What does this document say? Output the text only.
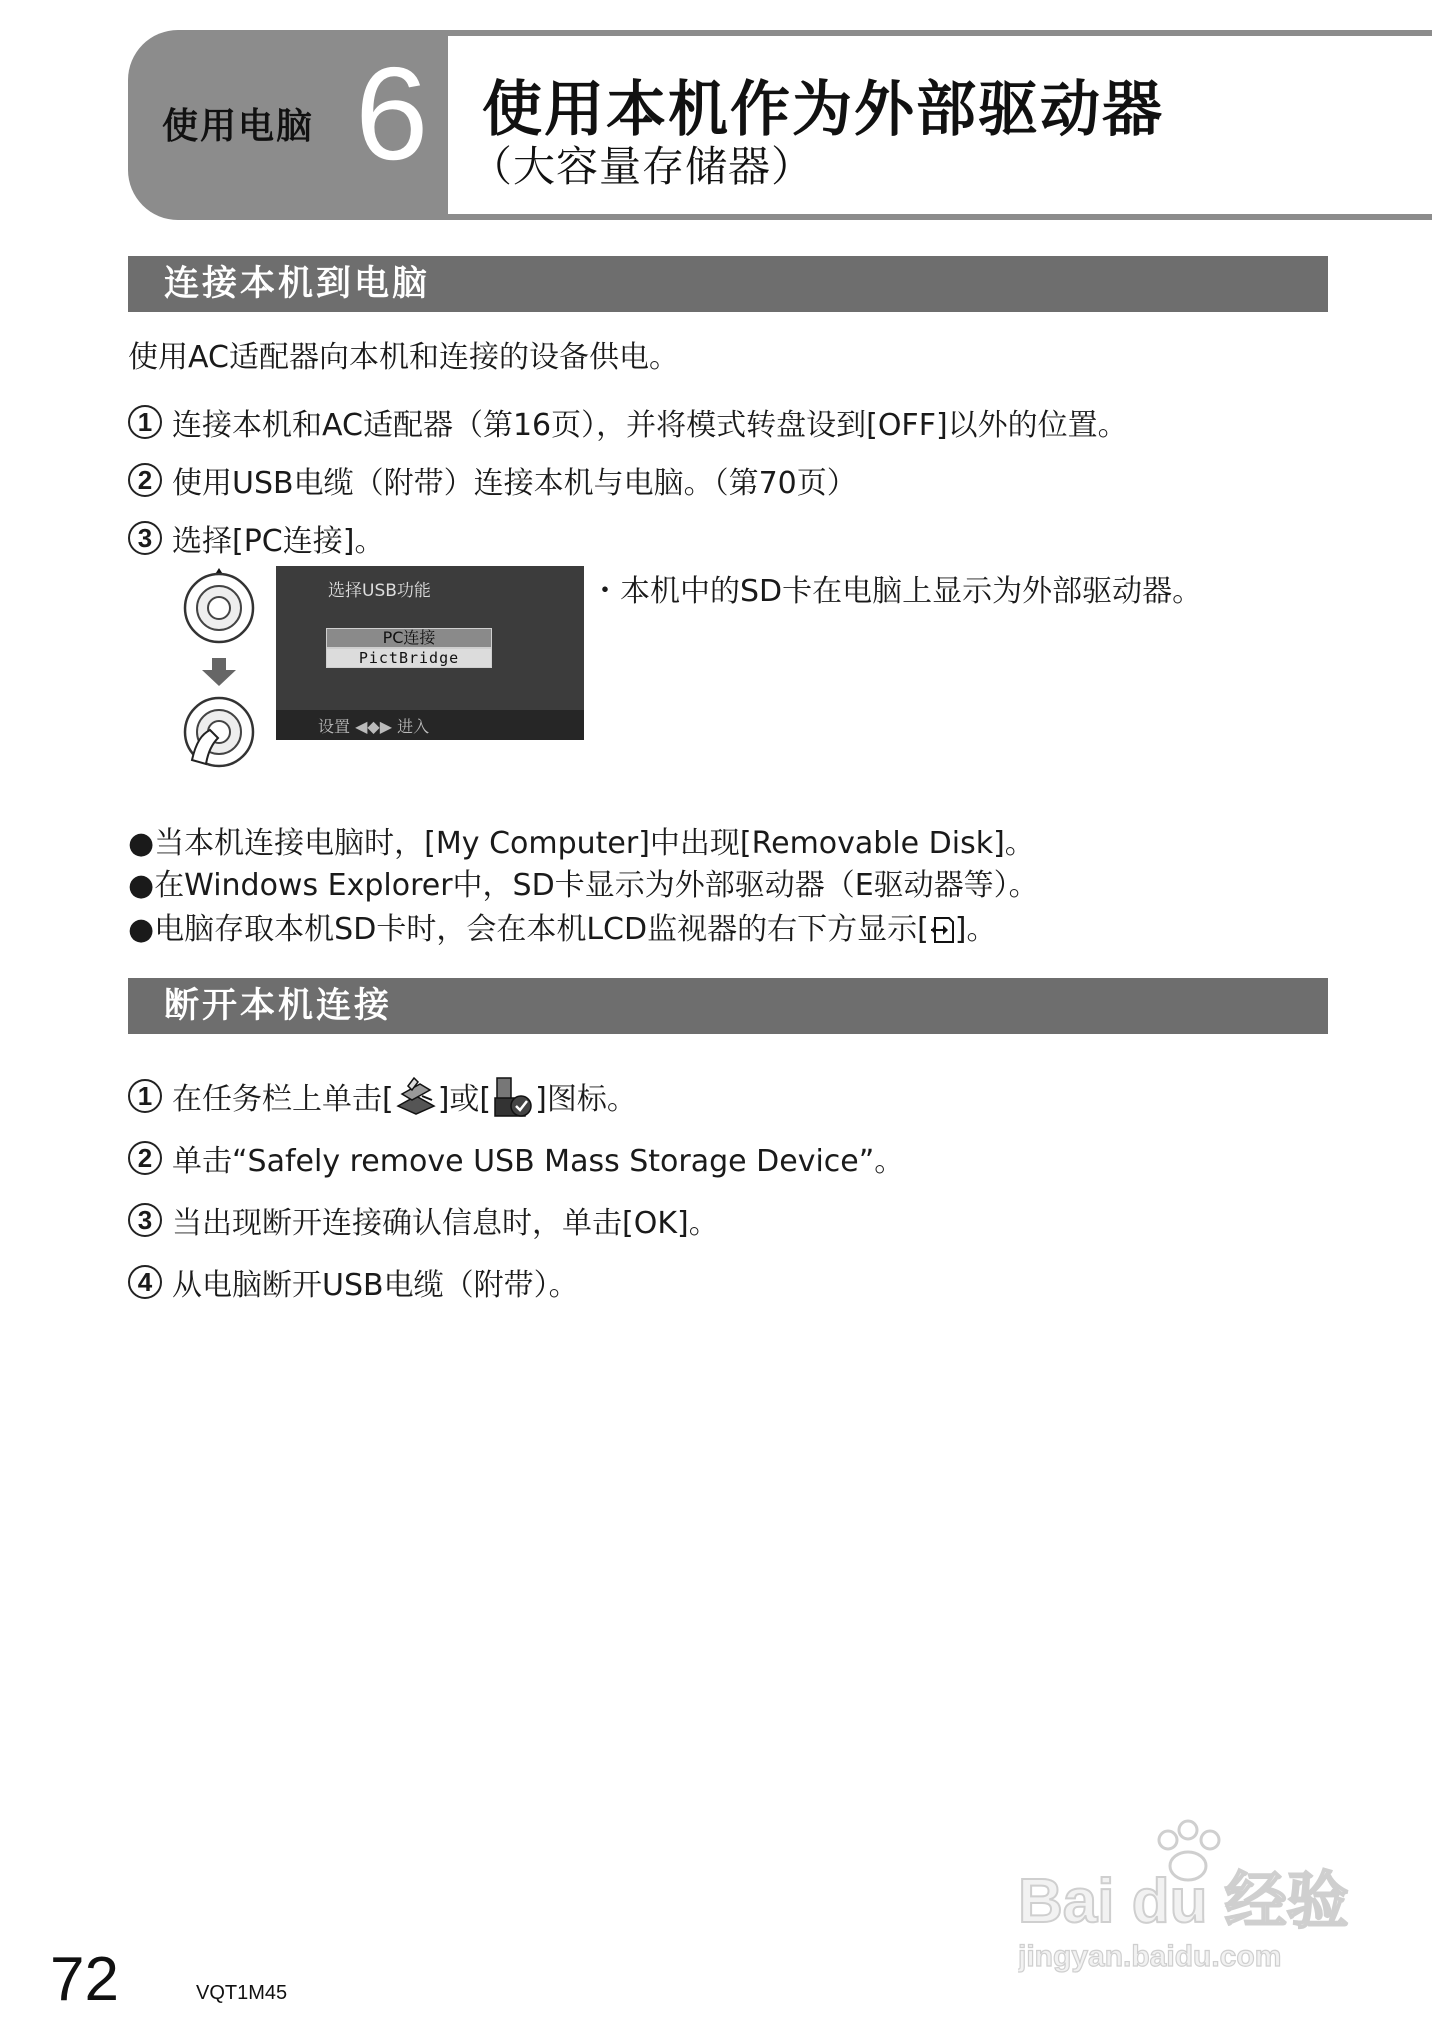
使用电脑 6 使用本机作为外部驱动器
（大容量存储器）
连接本机到电脑
使用AC适配器向本机和连接的设备供电。
1 连接本机和AC适配器（第16页），并将模式转盘设到[OFF]以外的位置。
2 使用USB电缆（附带）连接本机与电脑。（第70页）
3 选择[PC连接]。
选择USB功能
PC连接
PictBridge
设置 ◀◆▶ 进入
・本机中的SD卡在电脑上显示为外部驱动器。
●当本机连接电脑时，[My Computer]中出现[Removable Disk]。
●在Windows Explorer中，SD卡显示为外部驱动器（E驱动器等）。
●电脑存取本机SD卡时，会在本机LCD监视器的右下方显示[ ]。
断开本机连接
1 在任务栏上单击[ ]或[ ]图标。
2 单击“Safely remove USB Mass Storage Device”。
3 当出现断开连接确认信息时，单击[OK]。
4 从电脑断开USB电缆（附带）。
72	VQT1M45
Bai du 经验
jingyan.baidu.com
